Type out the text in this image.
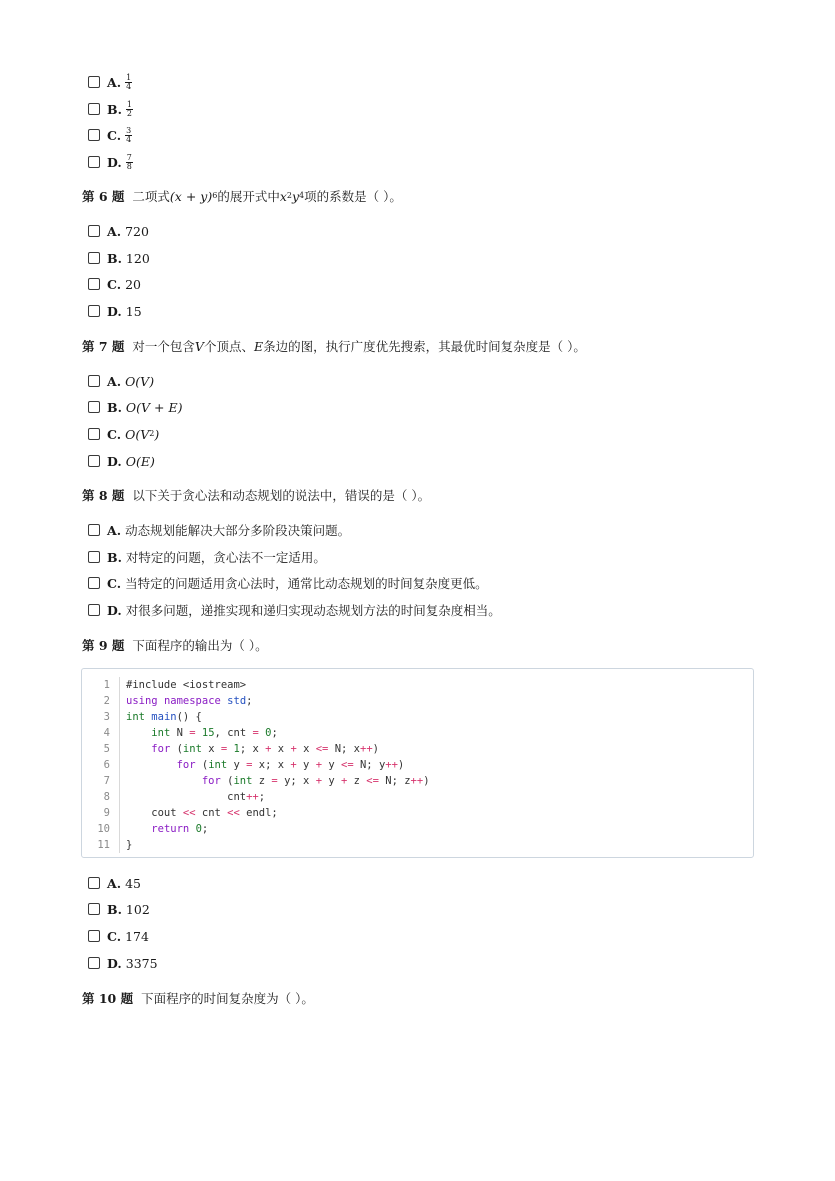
A. $\frac{1}{4}$
B. $\frac{1}{2}$
C. $\frac{3}{4}$
D. $\frac{7}{8}$
第 6 题 二项式 (x + y) 6 的展开式中 x 2 y 4 项的系数是（ ）。
A. 720
B. 120
C. 20
D. 15
第 7 题 对一个包含 V 个顶点、 E 条边的图，执行广度优先搜索，其最优时间复杂度是（ ）。
A. O(V)
B. O(V + E)
C. O(V 2 )
D. O(E)
第 8 题 以下关于贪心法和动态规划的说法中，错误的是（ ）。
A. 动态规划能解决大部分多阶段决策问题。
B. 对特定的问题，贪心法不一定适用。
C. 当特定的问题适用贪心法时，通常比动态规划的时间复杂度更低。
D. 对很多问题，递推实现和递归实现动态规划方法的时间复杂度相当。
第 9 题 下面程序的输出为（ ）。
1
2
3
4
5
6
7
8
9
10
11
#include <iostream>
using namespace std;
int main() {
int N = 15, cnt = 0;
for (int x = 1; x + x + x <= N; x++)
for (int y = x; x + y + y <= N; y++)
for (int z = y; x + y + z <= N; z++)
cnt++;
cout << cnt << endl;
return 0;
}
A. 45
B. 102
C. 174
D. 3375
第 10 题 下面程序的时间复杂度为（ ）。
